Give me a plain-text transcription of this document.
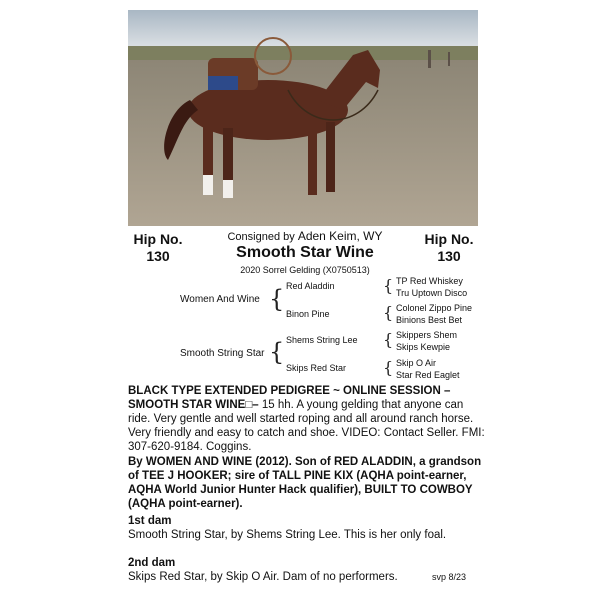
Hip No.
130
Hip No.
130
Consigned by Aden Keim, WY
Smooth Star Wine
2020 Sorrel Gelding (X0750513)
Women And Wine { Red Aladdin
Binon Pine
{ TP Red Whiskey
Tru Uptown Disco
{ Colonel Zippo Pine
Binions Best Bet
Smooth String Star { Shems String Lee
Skips Red Star
{ Skippers Shem
Skips Kewpie
{ Skip O Air
Star Red Eaglet

BLACK TYPE EXTENDED PEDIGREE ~ ONLINE SESSION – SMOOTH STAR WINE□– 15 hh. A young gelding that anyone can ride. Very gentle and well started roping and all around ranch horse. Very friendly and easy to catch and shoe. VIDEO: Contact Seller. FMI: 307-620-9184. Coggins.

By WOMEN AND WINE (2012). Son of RED ALADDIN, a grandson of TEE J HOOKER; sire of TALL PINE KIX (AQHA point-earner, AQHA World Junior Hunter Hack qualifier), BUILT TO COWBOY (AQHA point-earner).

1st dam

Smooth String Star, by Shems String Lee. This is her only foal.

2nd dam

Skips Red Star, by Skip O Air. Dam of no performers.	svp 8/23
